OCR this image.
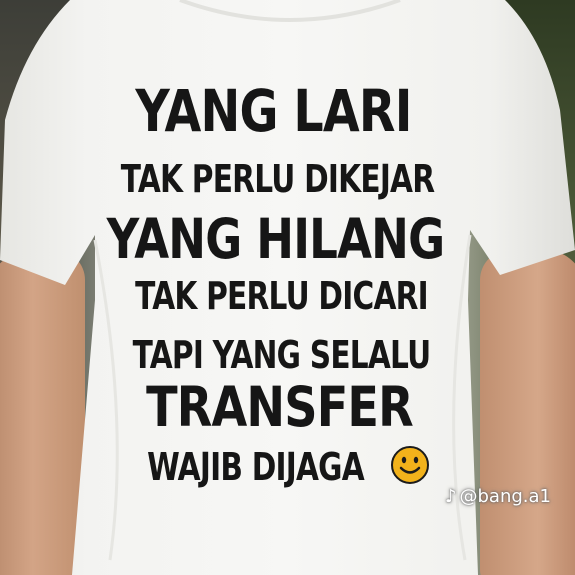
YANG LARI
TAK PERLU DIKEJAR
YANG HILANG
TAK PERLU DICARI
TAPI YANG SELALU
TRANSFER
WAJIB DIJAGA
♪ @bang.a1
